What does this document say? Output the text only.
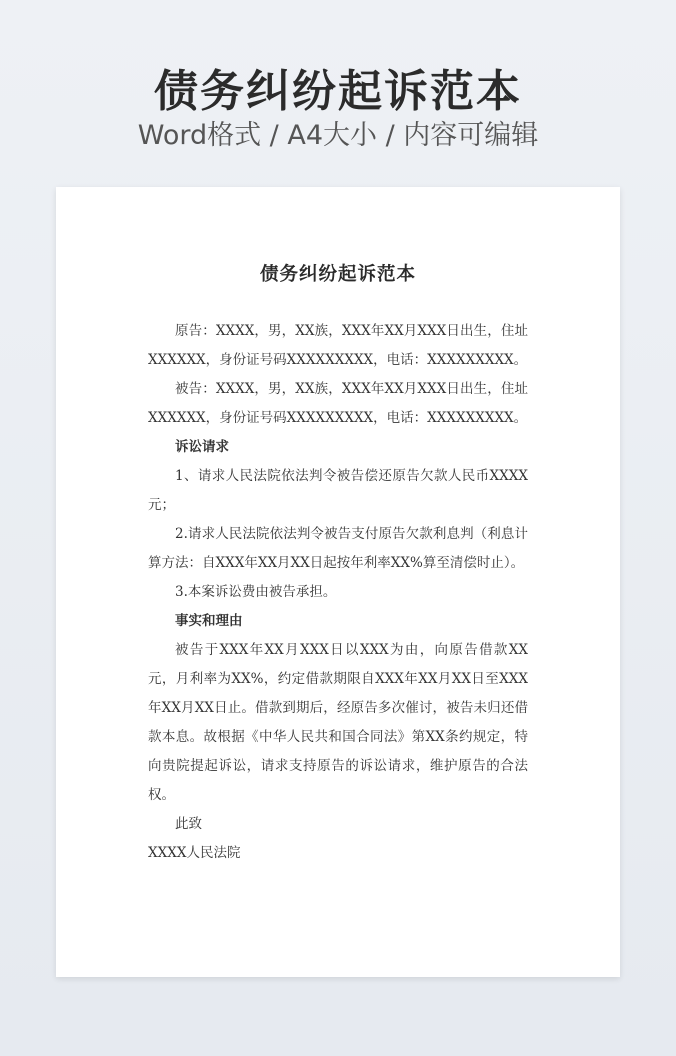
债务纠纷起诉范本
Word格式 / A4大小 / 内容可编辑
债务纠纷起诉范本

原告：XXXX，男，XX族，XXX年XX月XXX日出生，住址XXXXXX，身份证号码XXXXXXXXX，电话：XXXXXXXXX。

被告：XXXX，男，XX族，XXX年XX月XXX日出生，住址XXXXXX，身份证号码XXXXXXXXX，电话：XXXXXXXXX。

诉讼请求

1、请求人民法院依法判令被告偿还原告欠款人民币XXXX元；

2.请求人民法院依法判令被告支付原告欠款利息判（利息计算方法：自XXX年XX月XX日起按年利率XX%算至清偿时止）。

3.本案诉讼费由被告承担。

事实和理由

被告于XXX年XX月XXX日以XXX为由，向原告借款XX元，月利率为XX%，约定借款期限自XXX年XX月XX日至XXX年XX月XX日止。借款到期后，经原告多次催讨，被告未归还借款本息。故根据《中华人民共和国合同法》第XX条约规定，特向贵院提起诉讼，请求支持原告的诉讼请求，维护原告的合法权。

此致

XXXX人民法院
